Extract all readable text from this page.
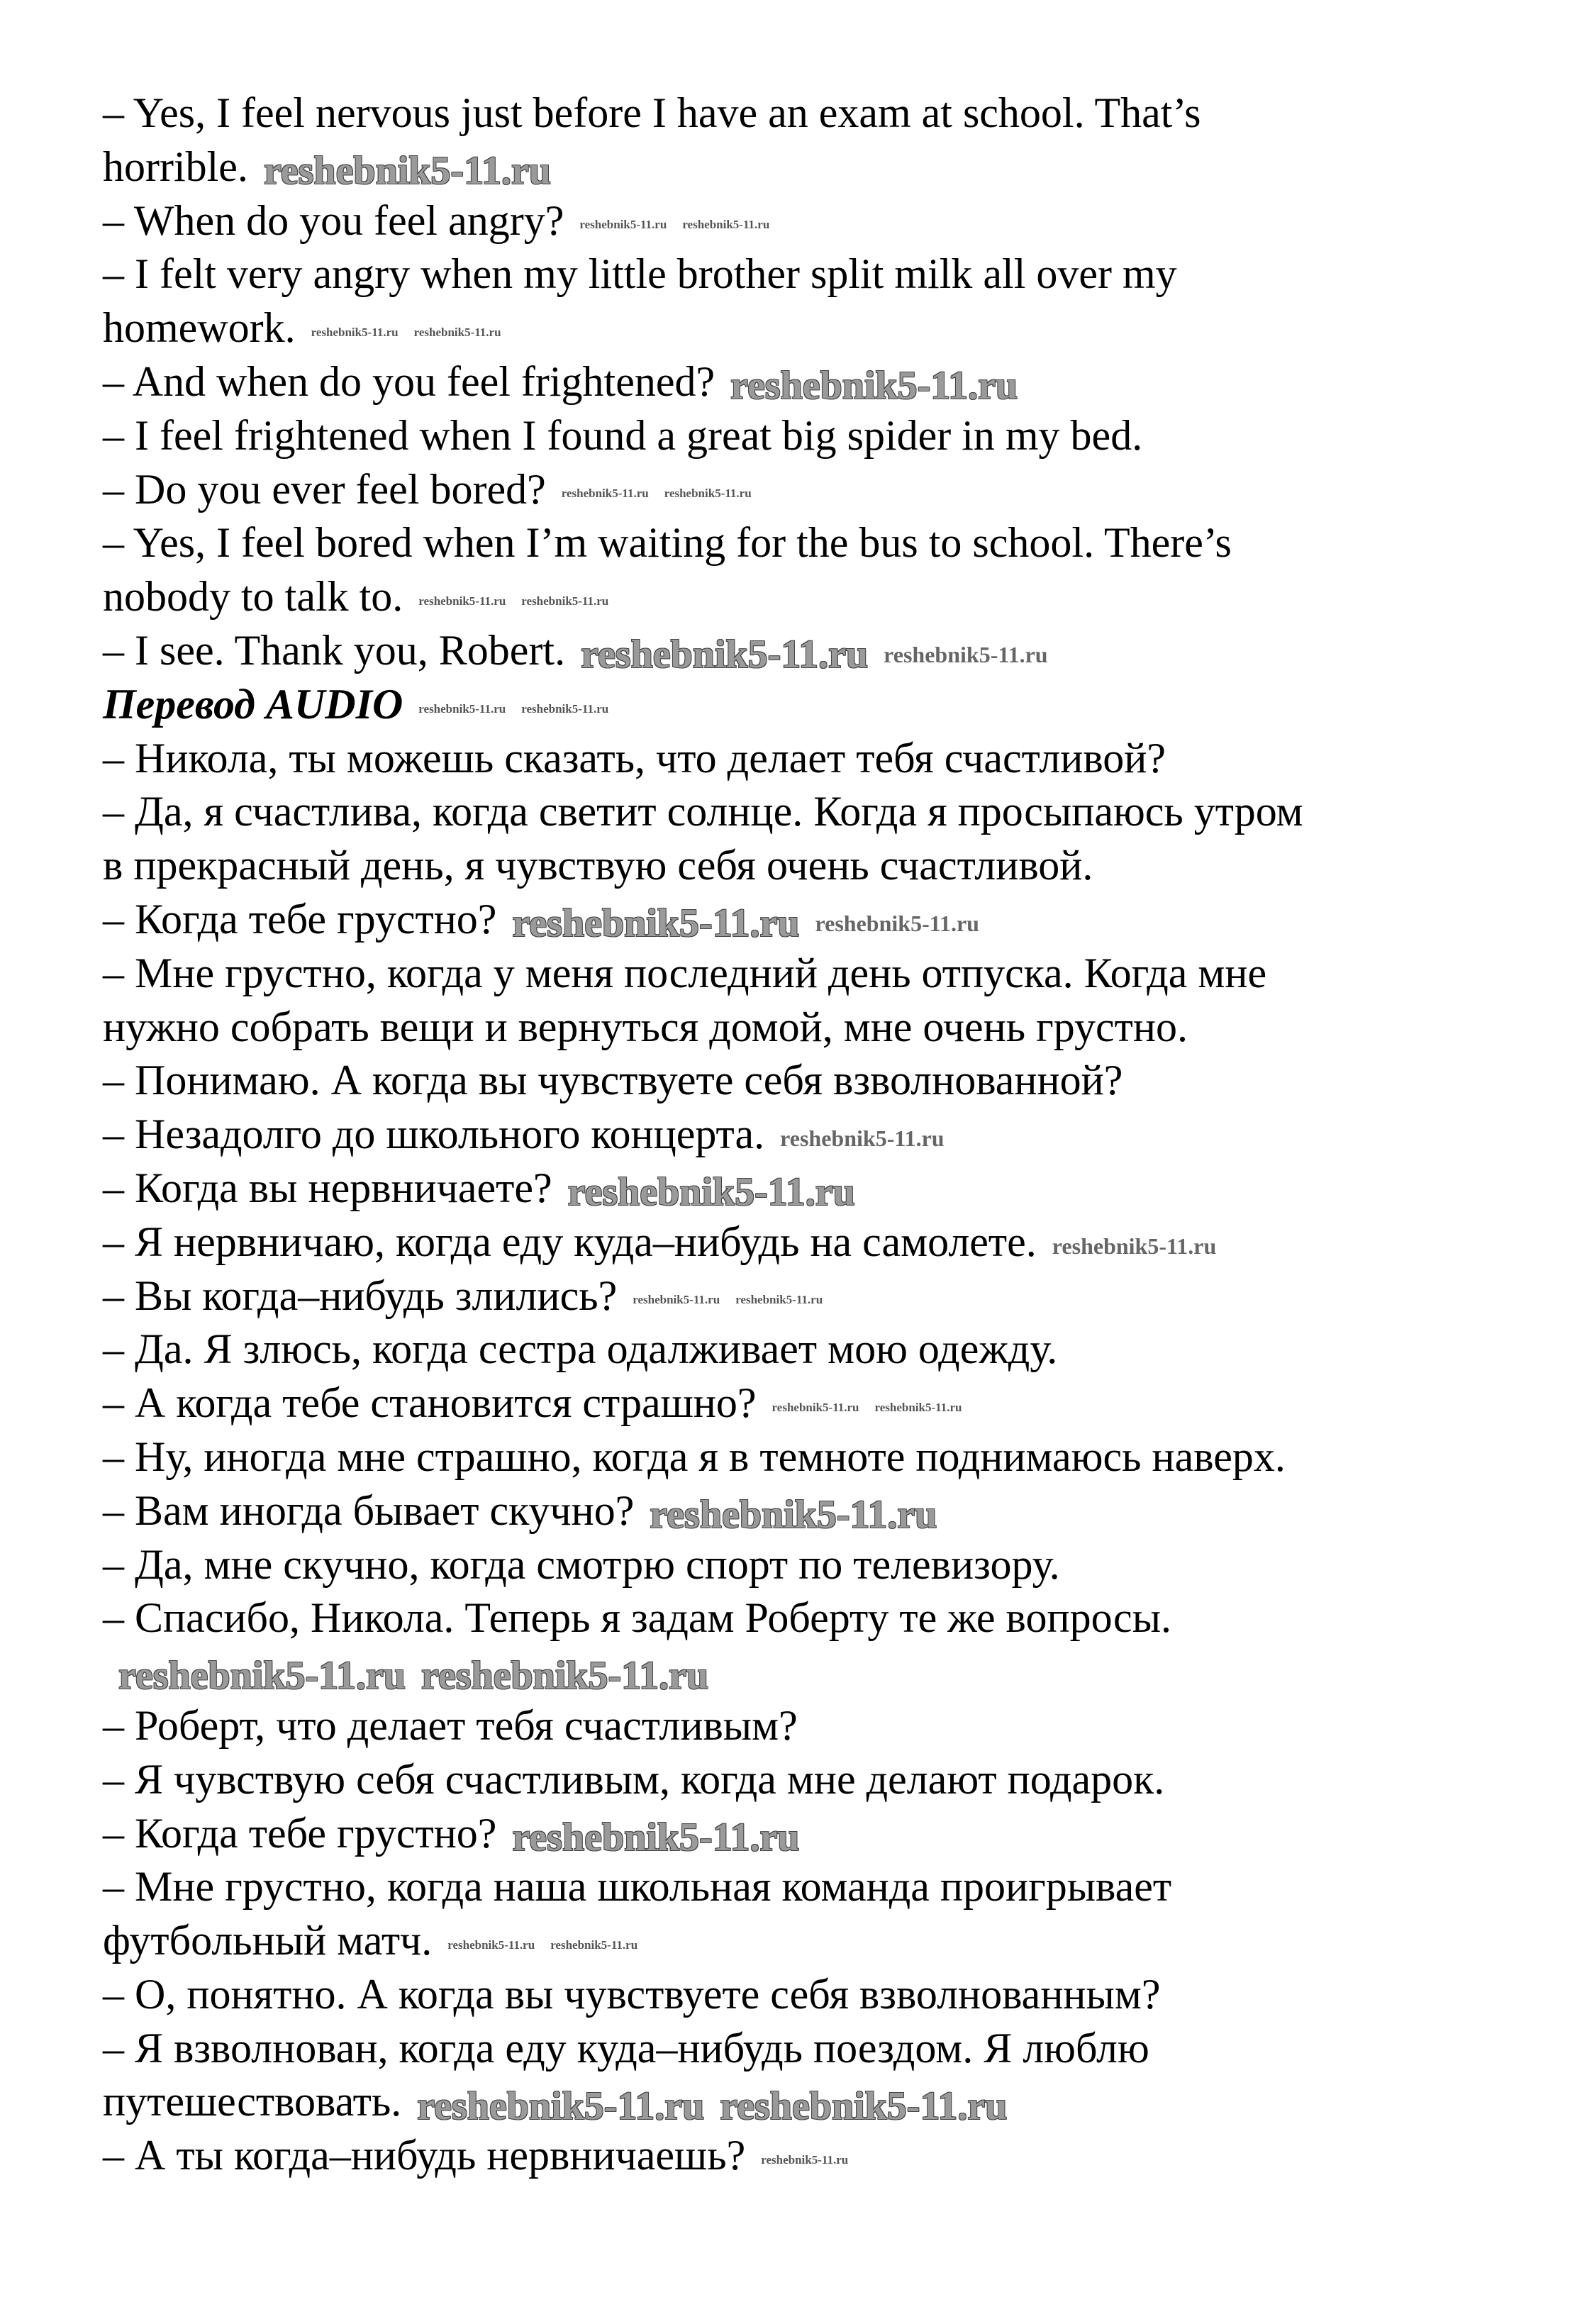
– Yes, I feel nervous just before I have an exam at school. That’s
horrible. reshebnik5-11.ru
– When do you feel angry? reshebnik5-11.ru reshebnik5-11.ru
– I felt very angry when my little brother split milk all over my
homework. reshebnik5-11.ru reshebnik5-11.ru
– And when do you feel frightened? reshebnik5-11.ru
– I feel frightened when I found a great big spider in my bed.
– Do you ever feel bored? reshebnik5-11.ru reshebnik5-11.ru
– Yes, I feel bored when I’m waiting for the bus to school. There’s
nobody to talk to. reshebnik5-11.ru reshebnik5-11.ru
– I see. Thank you, Robert. reshebnik5-11.ru reshebnik5-11.ru
Перевод AUDIO reshebnik5-11.ru reshebnik5-11.ru
– Никола, ты можешь сказать, что делает тебя счастливой?
– Да, я счастлива, когда светит солнце. Когда я просыпаюсь утром
в прекрасный день, я чувствую себя очень счастливой.
– Когда тебе грустно? reshebnik5-11.ru reshebnik5-11.ru
– Мне грустно, когда у меня последний день отпуска. Когда мне
нужно собрать вещи и вернуться домой, мне очень грустно.
– Понимаю. А когда вы чувствуете себя взволнованной?
– Незадолго до школьного концерта. reshebnik5-11.ru
– Когда вы нервничаете? reshebnik5-11.ru
– Я нервничаю, когда еду куда–нибудь на самолете. reshebnik5-11.ru
– Вы когда–нибудь злились? reshebnik5-11.ru reshebnik5-11.ru
– Да. Я злюсь, когда сестра одалживает мою одежду.
– А когда тебе становится страшно? reshebnik5-11.ru reshebnik5-11.ru
– Ну, иногда мне страшно, когда я в темноте поднимаюсь наверх.
– Вам иногда бывает скучно? reshebnik5-11.ru
– Да, мне скучно, когда смотрю спорт по телевизору.
– Спасибо, Никола. Теперь я задам Роберту те же вопросы.
reshebnik5-11.ru reshebnik5-11.ru
– Роберт, что делает тебя счастливым?
– Я чувствую себя счастливым, когда мне делают подарок.
– Когда тебе грустно? reshebnik5-11.ru
– Мне грустно, когда наша школьная команда проигрывает
футбольный матч. reshebnik5-11.ru reshebnik5-11.ru
– О, понятно. А когда вы чувствуете себя взволнованным?
– Я взволнован, когда еду куда–нибудь поездом. Я люблю
путешествовать. reshebnik5-11.ru reshebnik5-11.ru
– А ты когда–нибудь нервничаешь? reshebnik5-11.ru
